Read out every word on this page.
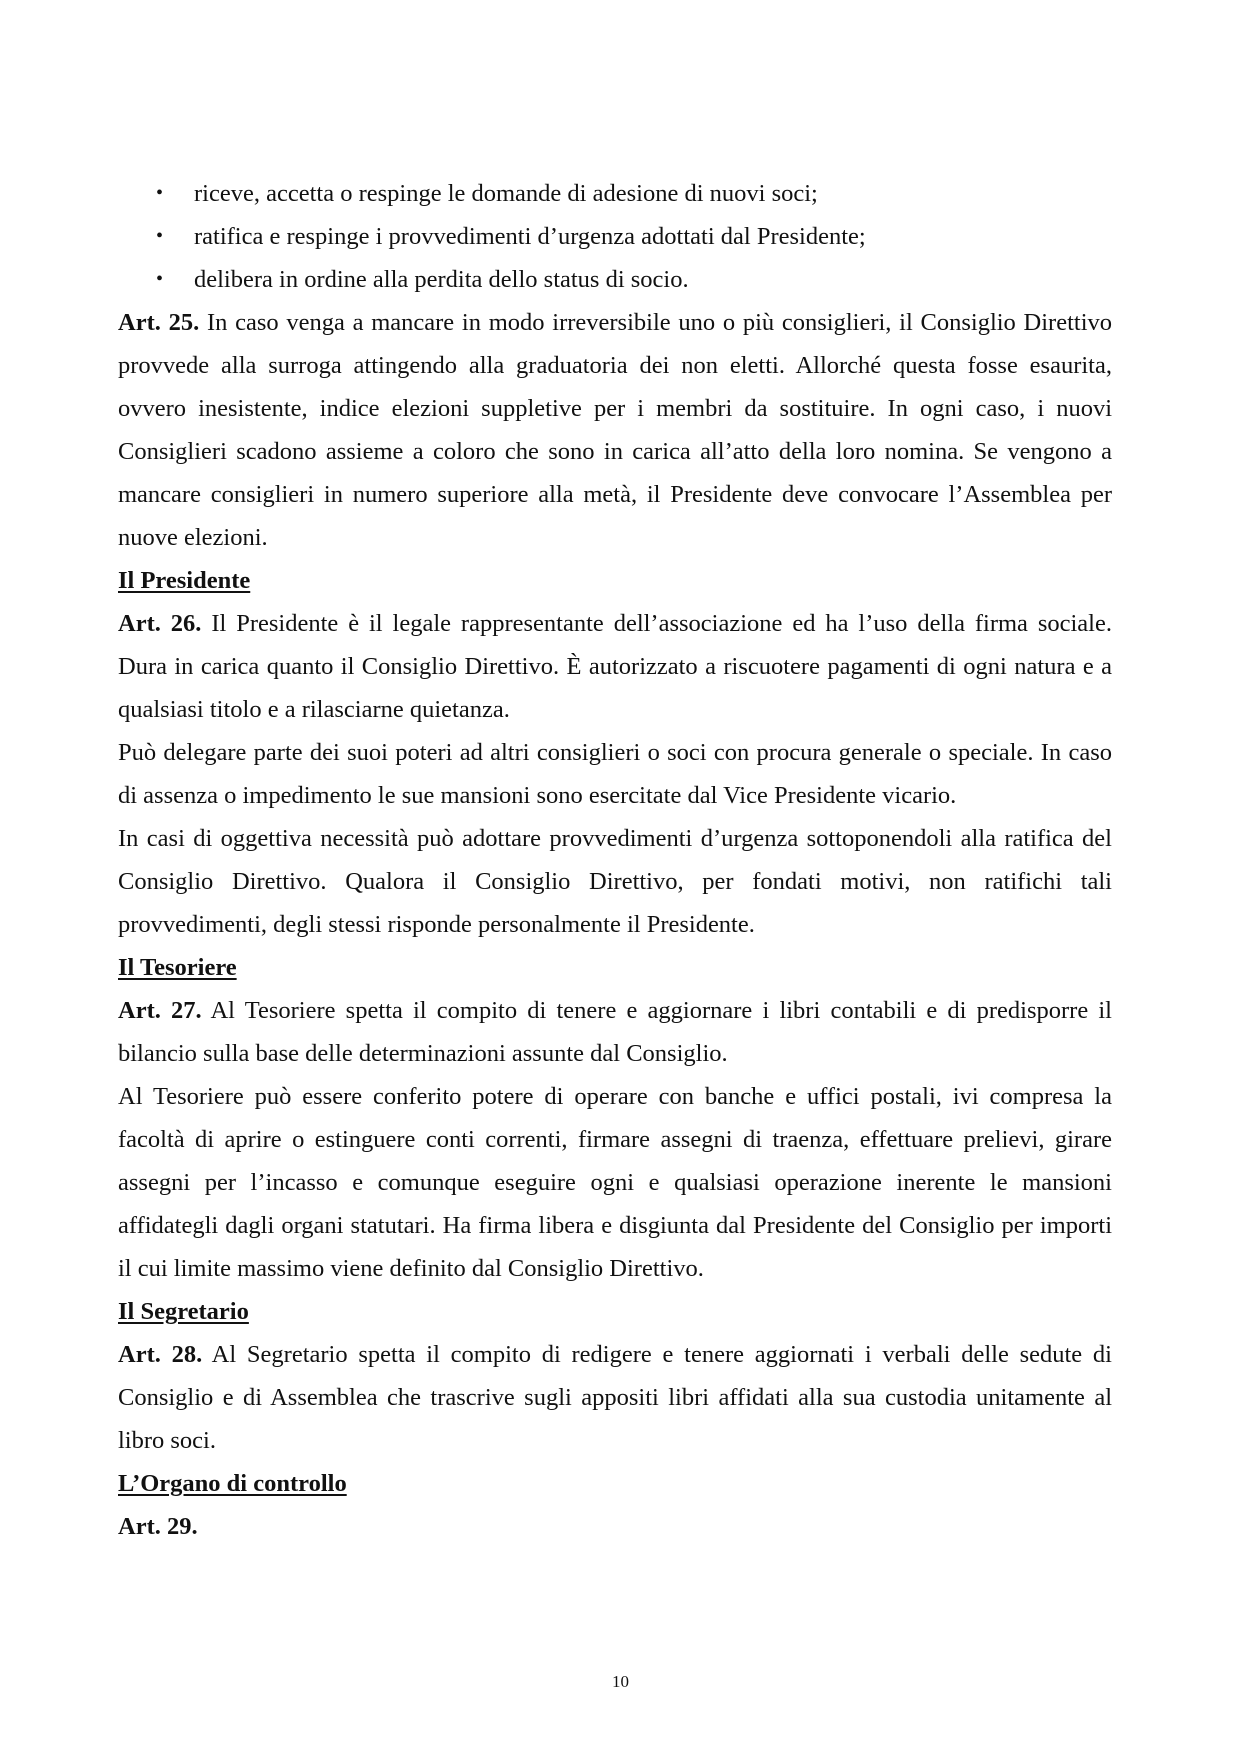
• riceve, accetta o respinge le domande di adesione di nuovi soci;
• ratifica e respinge i provvedimenti d’urgenza adottati dal Presidente;
• delibera in ordine alla perdita dello status di socio.

Art. 25. In caso venga a mancare in modo irreversibile uno o più consiglieri, il Consiglio Direttivo provvede alla surroga attingendo alla graduatoria dei non eletti. Allorché questa fosse esaurita, ovvero inesistente, indice elezioni suppletive per i membri da sostituire. In ogni caso, i nuovi Consiglieri scadono assieme a coloro che sono in carica all’atto della loro nomina. Se vengono a mancare consiglieri in numero superiore alla metà, il Presidente deve convocare l’Assemblea per nuove elezioni.

Il Presidente

Art. 26. Il Presidente è il legale rappresentante dell’associazione ed ha l’uso della firma sociale. Dura in carica quanto il Consiglio Direttivo. È autorizzato a riscuotere pagamenti di ogni natura e a qualsiasi titolo e a rilasciarne quietanza.

Può delegare parte dei suoi poteri ad altri consiglieri o soci con procura generale o speciale. In caso di assenza o impedimento le sue mansioni sono esercitate dal Vice Presidente vicario.

In casi di oggettiva necessità può adottare provvedimenti d’urgenza sottoponendoli alla ratifica del Consiglio Direttivo. Qualora il Consiglio Direttivo, per fondati motivi, non ratifichi tali provvedimenti, degli stessi risponde personalmente il Presidente.

Il Tesoriere

Art. 27. Al Tesoriere spetta il compito di tenere e aggiornare i libri contabili e di predisporre il bilancio sulla base delle determinazioni assunte dal Consiglio.

Al Tesoriere può essere conferito potere di operare con banche e uffici postali, ivi compresa la facoltà di aprire o estinguere conti correnti, firmare assegni di traenza, effettuare prelievi, girare assegni per l’incasso e comunque eseguire ogni e qualsiasi operazione inerente le mansioni affidategli dagli organi statutari. Ha firma libera e disgiunta dal Presidente del Consiglio per importi il cui limite massimo viene definito dal Consiglio Direttivo.

Il Segretario

Art. 28. Al Segretario spetta il compito di redigere e tenere aggiornati i verbali delle sedute di Consiglio e di Assemblea che trascrive sugli appositi libri affidati alla sua custodia unitamente al libro soci.

L’Organo di controllo

Art. 29.

10
